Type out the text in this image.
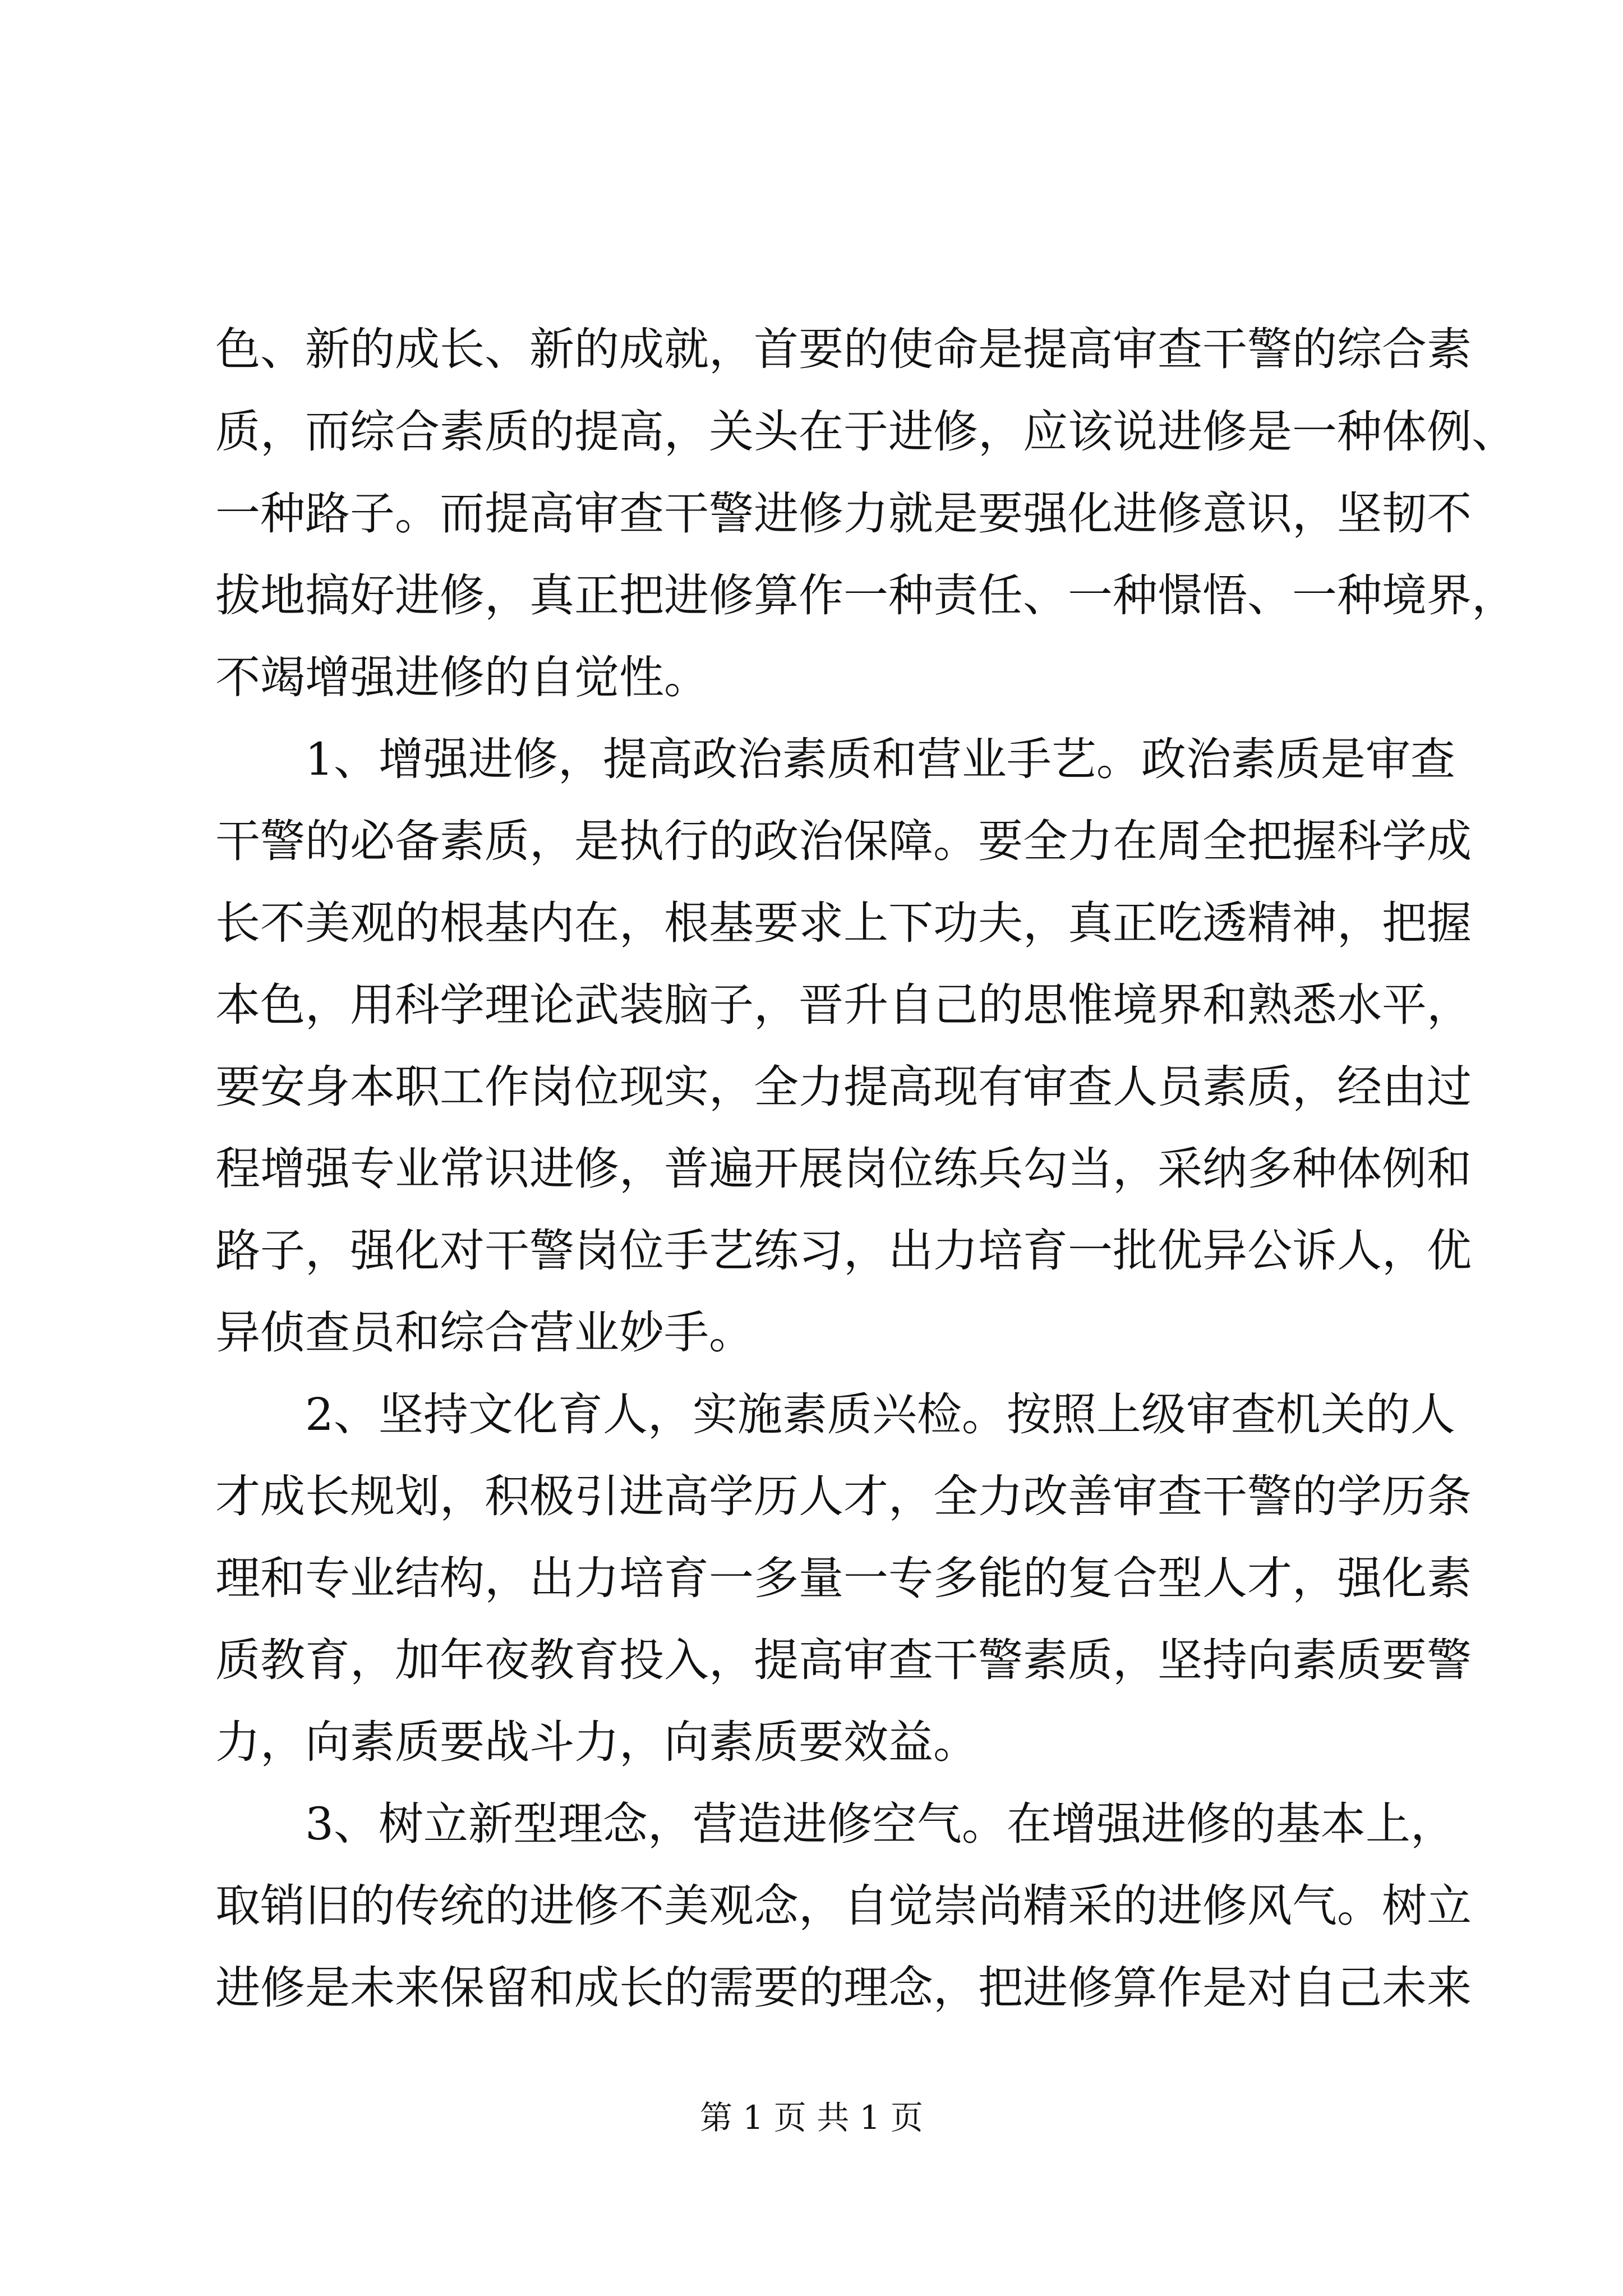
色、新的成长、新的成就，首要的使命是提高审查干警的综合素
质，而综合素质的提高，关头在于进修，应该说进修是一种体例、
一种路子。而提高审查干警进修力就是要强化进修意识，坚韧不
拔地搞好进修，真正把进修算作一种责任、一种憬悟、一种境界，
不竭增强进修的自觉性。
1、增强进修，提高政治素质和营业手艺。政治素质是审查
干警的必备素质，是执行的政治保障。要全力在周全把握科学成
长不美观的根基内在，根基要求上下功夫，真正吃透精神，把握
本色，用科学理论武装脑子，晋升自己的思惟境界和熟悉水平，
要安身本职工作岗位现实，全力提高现有审查人员素质，经由过
程增强专业常识进修，普遍开展岗位练兵勾当，采纳多种体例和
路子，强化对干警岗位手艺练习，出力培育一批优异公诉人，优
异侦查员和综合营业妙手。
2、坚持文化育人，实施素质兴检。按照上级审查机关的人
才成长规划，积极引进高学历人才，全力改善审查干警的学历条
理和专业结构，出力培育一多量一专多能的复合型人才，强化素
质教育，加年夜教育投入，提高审查干警素质，坚持向素质要警
力，向素质要战斗力，向素质要效益。
3、树立新型理念，营造进修空气。在增强进修的基本上，
取销旧的传统的进修不美观念，自觉崇尚精采的进修风气。树立
进修是未来保留和成长的需要的理念，把进修算作是对自己未来
第 1 页 共 1 页
